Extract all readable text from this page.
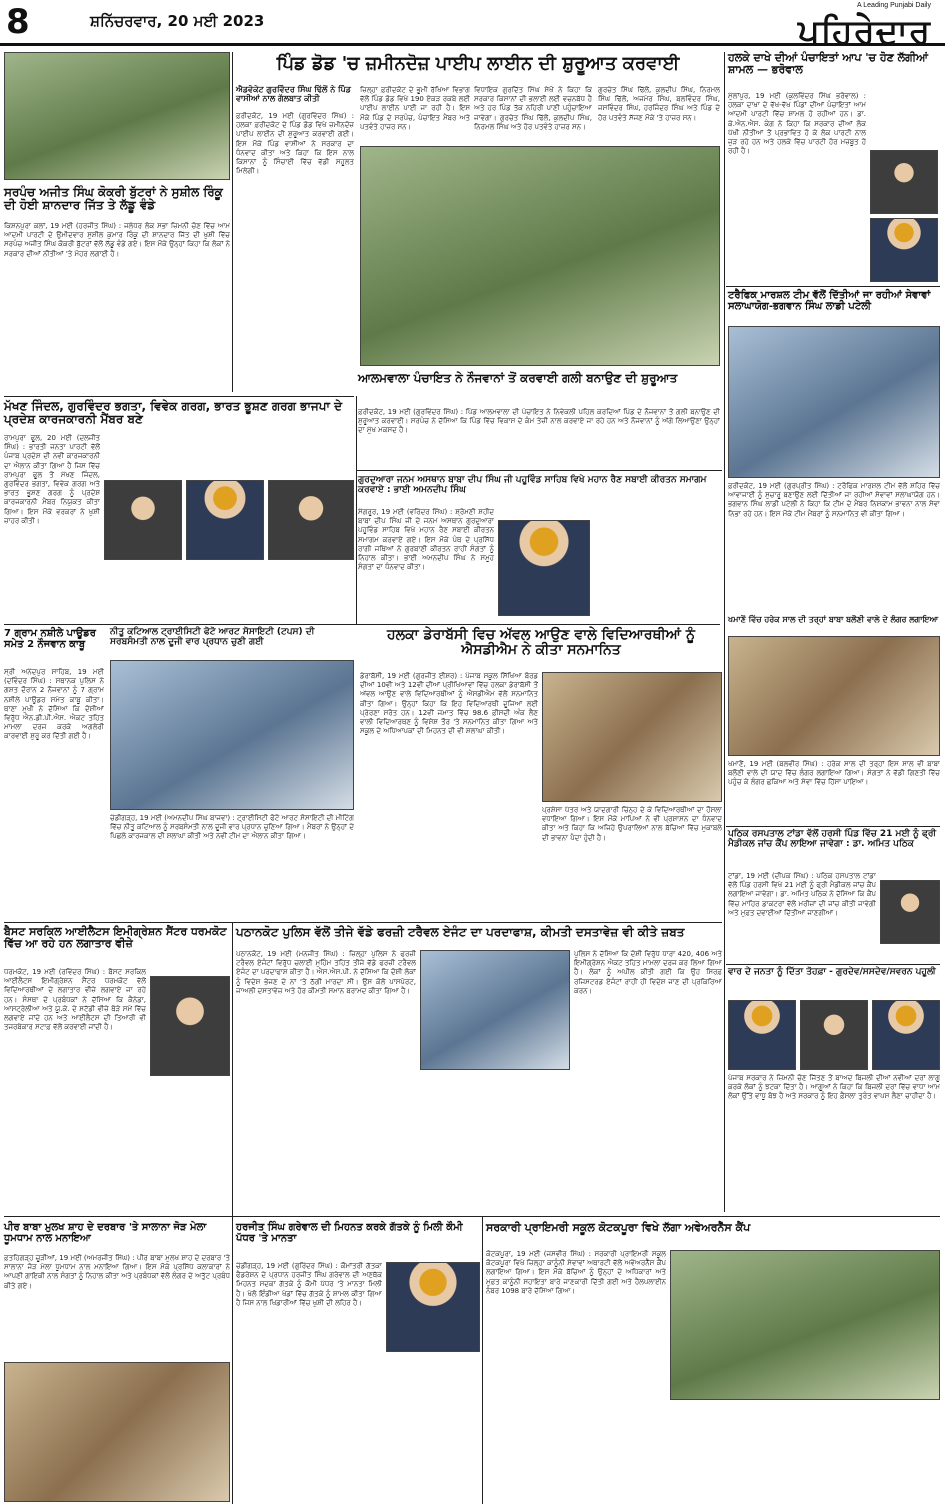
8	ਸ਼ਨਿੱਚਰਵਾਰ, 20 ਮਈ 2023
A Leading Punjabi Daily
ਪਹਿਰੇਦਾਰ
ਸਰਪੰਚ ਅਜੀਤ ਸਿੰਘ ਕੋਕਰੀ ਬੁੱਟਰਾਂ ਨੇ ਸੁਸ਼ੀਲ ਰਿੰਕੂ ਦੀ ਹੋਈ ਸ਼ਾਨਦਾਰ ਜਿੱਤ ਤੇ ਲੱਡੂ ਵੰਡੇ
ਕਿਸ਼ਨਪੁਰਾ ਕਲਾਂ, 19 ਮਈ (ਹਰਜੀਤ ਸਿੰਘ) : ਜਲੰਧਰ ਲੋਕ ਸਭਾ ਜ਼ਿਮਨੀ ਚੋਣ ਵਿੱਚ ਆਮ ਆਦਮੀ ਪਾਰਟੀ ਦੇ ਉਮੀਦਵਾਰ ਸੁਸ਼ੀਲ ਕੁਮਾਰ ਰਿੰਕੂ ਦੀ ਸ਼ਾਨਦਾਰ ਜਿੱਤ ਦੀ ਖੁਸ਼ੀ ਵਿੱਚ ਸਰਪੰਚ ਅਜੀਤ ਸਿੰਘ ਕੋਕਰੀ ਬੁੱਟਰਾਂ ਵੱਲੋਂ ਲੱਡੂ ਵੰਡੇ ਗਏ। ਇਸ ਮੌਕੇ ਉਨ੍ਹਾਂ ਕਿਹਾ ਕਿ ਲੋਕਾਂ ਨੇ ਸਰਕਾਰ ਦੀਆਂ ਨੀਤੀਆਂ 'ਤੇ ਮੋਹਰ ਲਗਾਈ ਹੈ।
ਪਿੰਡ ਡੋਡ 'ਚ ਜ਼ਮੀਨਦੋਜ਼ ਪਾਈਪ ਲਾਈਨ ਦੀ ਸ਼ੁਰੂਆਤ ਕਰਵਾਈ
ਐਡਵੋਕੇਟ ਗੁਰਵਿੰਦਰ ਸਿੰਘ ਢਿੱਲੋਂ ਨੇ ਪਿੰਡ ਵਾਸੀਆਂ ਨਾਲ ਗੱਲਬਾਤ ਕੀਤੀ
ਫ਼ਰੀਦਕੋਟ, 19 ਮਈ (ਗੁਰਵਿੰਦਰ ਸਿੰਘ) : ਹਲਕਾ ਫ਼ਰੀਦਕੋਟ ਦੇ ਪਿੰਡ ਡੋਡ ਵਿਖੇ ਜ਼ਮੀਨਦੋਜ਼ ਪਾਈਪ ਲਾਈਨ ਦੀ ਸ਼ੁਰੂਆਤ ਕਰਵਾਈ ਗਈ। ਇਸ ਮੌਕੇ ਪਿੰਡ ਵਾਸੀਆਂ ਨੇ ਸਰਕਾਰ ਦਾ ਧੰਨਵਾਦ ਕੀਤਾ ਅਤੇ ਕਿਹਾ ਕਿ ਇਸ ਨਾਲ ਕਿਸਾਨਾਂ ਨੂੰ ਸਿੰਚਾਈ ਵਿੱਚ ਵੱਡੀ ਸਹੂਲਤ ਮਿਲੇਗੀ।
ਜ਼ਿਲ੍ਹਾ ਫ਼ਰੀਦਕੋਟ ਦੇ ਭੂਮੀ ਰੱਖਿਆ ਵਿਭਾਗ ਵੱਲੋਂ ਪਿੰਡ ਡੋਡ ਵਿਖੇ 190 ਏਕੜ ਰਕਬੇ ਲਈ ਪਾਈਪ ਲਾਈਨ ਪਾਈ ਜਾ ਰਹੀ ਹੈ। ਇਸ ਮੌਕੇ ਪਿੰਡ ਦੇ ਸਰਪੰਚ, ਪੰਚਾਇਤ ਮੈਂਬਰ ਅਤੇ ਪਤਵੰਤੇ ਹਾਜ਼ਰ ਸਨ।
ਵਿਧਾਇਕ ਗੁਰਦਿੱਤ ਸਿੰਘ ਸੇਖੋਂ ਨੇ ਕਿਹਾ ਕਿ ਸਰਕਾਰ ਕਿਸਾਨਾਂ ਦੀ ਭਲਾਈ ਲਈ ਵਚਨਬੱਧ ਹੈ ਅਤੇ ਹਰ ਪਿੰਡ ਤੱਕ ਨਹਿਰੀ ਪਾਣੀ ਪਹੁੰਚਾਇਆ ਜਾਵੇਗਾ। ਗੁਰਚੇਤ ਸਿੰਘ ਢਿੱਲੋਂ, ਕੁਲਦੀਪ ਸਿੰਘ, ਨਿਰਮਲ ਸਿੰਘ ਅਤੇ ਹੋਰ ਪਤਵੰਤੇ ਹਾਜ਼ਰ ਸਨ।
ਗੁਰਚੇਤ ਸਿੰਘ ਢਿੱਲੋਂ, ਕੁਲਦੀਪ ਸਿੰਘ, ਨਿਰਮਲ ਸਿੰਘ ਢਿੱਲੋਂ, ਅਜਮੇਰ ਸਿੰਘ, ਬਲਵਿੰਦਰ ਸਿੰਘ, ਜਸਵਿੰਦਰ ਸਿੰਘ, ਹਰਜਿੰਦਰ ਸਿੰਘ ਅਤੇ ਪਿੰਡ ਦੇ ਹੋਰ ਪਤਵੰਤੇ ਸੱਜਣ ਮੌਕੇ 'ਤੇ ਹਾਜ਼ਰ ਸਨ।
ਹਲਕੇ ਦਾਖੇ ਦੀਆਂ ਪੰਚਾਇਤਾਂ ਆਪ 'ਚ ਹੋਣ ਲੱਗੀਆਂ ਸ਼ਾਮਲ — ਭਰੋਵਾਲ
ਮੁੱਲਾਂਪੁਰ, 19 ਮਈ (ਕੁਲਵਿੰਦਰ ਸਿੰਘ ਭਰੋਵਾਲ) : ਹਲਕਾ ਦਾਖਾ ਦੇ ਵੱਖ-ਵੱਖ ਪਿੰਡਾਂ ਦੀਆਂ ਪੰਚਾਇਤਾਂ ਆਮ ਆਦਮੀ ਪਾਰਟੀ ਵਿੱਚ ਸ਼ਾਮਲ ਹੋ ਰਹੀਆਂ ਹਨ। ਡਾ. ਕੇ.ਐਨ.ਐਸ. ਕੰਗ ਨੇ ਕਿਹਾ ਕਿ ਸਰਕਾਰ ਦੀਆਂ ਲੋਕ ਪੱਖੀ ਨੀਤੀਆਂ ਤੋਂ ਪ੍ਰਭਾਵਿਤ ਹੋ ਕੇ ਲੋਕ ਪਾਰਟੀ ਨਾਲ ਜੁੜ ਰਹੇ ਹਨ ਅਤੇ ਹਲਕੇ ਵਿੱਚ ਪਾਰਟੀ ਹੋਰ ਮਜ਼ਬੂਤ ਹੋ ਰਹੀ ਹੈ।
ਟਰੈਫਿਕ ਮਾਰਸ਼ਲ ਟੀਮ ਵੱਲੋਂ ਦਿੱਤੀਆਂ ਜਾ ਰਹੀਆਂ ਸੇਵਾਵਾਂ ਸਲਾਘਾਯੋਗ-ਭਗਵਾਨ ਸਿੰਘ ਲਾਡੀ ਪਟੇਲੀ
ਫ਼ਰੀਦਕੋਟ, 19 ਮਈ (ਗੁਰਪ੍ਰੀਤ ਸਿੰਘ) : ਟਰੈਫਿਕ ਮਾਰਸ਼ਲ ਟੀਮ ਵੱਲੋਂ ਸ਼ਹਿਰ ਵਿੱਚ ਆਵਾਜਾਈ ਨੂੰ ਸੁਚਾਰੂ ਬਣਾਉਣ ਲਈ ਦਿੱਤੀਆਂ ਜਾ ਰਹੀਆਂ ਸੇਵਾਵਾਂ ਸਲਾਘਾਯੋਗ ਹਨ। ਭਗਵਾਨ ਸਿੰਘ ਲਾਡੀ ਪਟੇਲੀ ਨੇ ਕਿਹਾ ਕਿ ਟੀਮ ਦੇ ਮੈਂਬਰ ਨਿਸ਼ਕਾਮ ਭਾਵਨਾ ਨਾਲ ਸੇਵਾ ਨਿਭਾ ਰਹੇ ਹਨ। ਇਸ ਮੌਕੇ ਟੀਮ ਮੈਂਬਰਾਂ ਨੂੰ ਸਨਮਾਨਿਤ ਵੀ ਕੀਤਾ ਗਿਆ।
ਖਮਾਣੋਂ ਵਿੱਚ ਹਰੇਕ ਸਾਲ ਦੀ ਤਰ੍ਹਾਂ ਬਾਬਾ ਬਲੌਣੀ ਵਾਲੇ ਦੇ ਲੰਗਰ ਲਗਾਇਆ
ਖਮਾਣੋਂ, 19 ਮਈ (ਬਲਵੀਰ ਸਿੰਘ) : ਹਰੇਕ ਸਾਲ ਦੀ ਤਰ੍ਹਾਂ ਇਸ ਸਾਲ ਵੀ ਬਾਬਾ ਬਲੌਣੀ ਵਾਲੇ ਦੀ ਯਾਦ ਵਿੱਚ ਲੰਗਰ ਲਗਾਇਆ ਗਿਆ। ਸੰਗਤਾਂ ਨੇ ਵੱਡੀ ਗਿਣਤੀ ਵਿੱਚ ਪਹੁੰਚ ਕੇ ਲੰਗਰ ਛਕਿਆ ਅਤੇ ਸੇਵਾ ਵਿੱਚ ਹਿੱਸਾ ਪਾਇਆ।
ਪਠਿਕ ਰਸਪਤਾਲ ਟਾਂਡਾ ਵੱਲੋਂ ਹਰਸੀ ਪਿੰਡ ਵਿੱਚ 21 ਮਈ ਨੂੰ ਫ੍ਰੀ ਮੈਡੀਕਲ ਜਾਂਚ ਕੈਂਪ ਲਾਇਆ ਜਾਵੇਗਾ : ਡਾ. ਅਮਿਤ ਪਠਿਕ
ਟਾਂਡਾ, 19 ਮਈ (ਦੀਪਕ ਸਿੰਘ) : ਪਠਿਕ ਹਸਪਤਾਲ ਟਾਂਡਾ ਵੱਲੋਂ ਪਿੰਡ ਹਰਸੀ ਵਿਖੇ 21 ਮਈ ਨੂੰ ਫ੍ਰੀ ਮੈਡੀਕਲ ਜਾਂਚ ਕੈਂਪ ਲਗਾਇਆ ਜਾਵੇਗਾ। ਡਾ. ਅਮਿਤ ਪਠਿਕ ਨੇ ਦੱਸਿਆ ਕਿ ਕੈਂਪ ਵਿੱਚ ਮਾਹਿਰ ਡਾਕਟਰਾਂ ਵੱਲੋਂ ਮਰੀਜ਼ਾਂ ਦੀ ਜਾਂਚ ਕੀਤੀ ਜਾਵੇਗੀ ਅਤੇ ਮੁਫ਼ਤ ਦਵਾਈਆਂ ਦਿੱਤੀਆਂ ਜਾਣਗੀਆਂ।
ਮੱਖਣ ਜਿੰਦਲ, ਗੁਰਵਿੰਦਰ ਭਗਤਾ, ਵਿਵੇਕ ਗਰਗ, ਭਾਰਤ ਭੂਸ਼ਣ ਗਰਗ ਭਾਜਪਾ ਦੇ ਪ੍ਰਦੇਸ਼ ਕਾਰਜਕਾਰਨੀ ਮੈਂਬਰ ਬਣੇ
ਰਾਮਪੁਰਾ ਫੂਲ, 20 ਮਈ (ਦਲਜੀਤ ਸਿੰਘ) : ਭਾਰਤੀ ਜਨਤਾ ਪਾਰਟੀ ਵੱਲੋਂ ਪੰਜਾਬ ਪ੍ਰਦੇਸ਼ ਦੀ ਨਵੀਂ ਕਾਰਜਕਾਰਨੀ ਦਾ ਐਲਾਨ ਕੀਤਾ ਗਿਆ ਹੈ ਜਿਸ ਵਿੱਚ ਰਾਮਪੁਰਾ ਫੂਲ ਤੋਂ ਮੱਖਣ ਜਿੰਦਲ, ਗੁਰਵਿੰਦਰ ਭਗਤਾ, ਵਿਵੇਕ ਗਰਗ ਅਤੇ ਭਾਰਤ ਭੂਸ਼ਣ ਗਰਗ ਨੂੰ ਪ੍ਰਦੇਸ਼ ਕਾਰਜਕਾਰਨੀ ਮੈਂਬਰ ਨਿਯੁਕਤ ਕੀਤਾ ਗਿਆ। ਇਸ ਮੌਕੇ ਵਰਕਰਾਂ ਨੇ ਖੁਸ਼ੀ ਜ਼ਾਹਰ ਕੀਤੀ।
ਆਲਮਵਾਲਾ ਪੰਚਾਇਤ ਨੇ ਨੌਜਵਾਨਾਂ ਤੋਂ ਕਰਵਾਈ ਗਲੀ ਬਨਾਉਣ ਦੀ ਸ਼ੁਰੂਆਤ
ਫ਼ਰੀਦਕੋਟ, 19 ਮਈ (ਗੁਰਵਿੰਦਰ ਸਿੰਘ) : ਪਿੰਡ ਆਲਮਵਾਲਾ ਦੀ ਪੰਚਾਇਤ ਨੇ ਨਿਵੇਕਲੀ ਪਹਿਲ ਕਰਦਿਆਂ ਪਿੰਡ ਦੇ ਨੌਜਵਾਨਾਂ ਤੋਂ ਗਲੀ ਬਨਾਉਣ ਦੀ ਸ਼ੁਰੂਆਤ ਕਰਵਾਈ। ਸਰਪੰਚ ਨੇ ਦੱਸਿਆ ਕਿ ਪਿੰਡ ਵਿੱਚ ਵਿਕਾਸ ਦੇ ਕੰਮ ਤੇਜ਼ੀ ਨਾਲ ਕਰਵਾਏ ਜਾ ਰਹੇ ਹਨ ਅਤੇ ਨੌਜਵਾਨਾਂ ਨੂੰ ਅੱਗੇ ਲਿਆਉਣਾ ਉਨ੍ਹਾਂ ਦਾ ਮੁੱਖ ਮਕਸਦ ਹੈ।
ਗੁਰਦੁਆਰਾ ਜਨਮ ਅਸਥਾਨ ਬਾਬਾ ਦੀਪ ਸਿੰਘ ਜੀ ਪਹੂਵਿੰਡ ਸਾਹਿਬ ਵਿਖੇ ਮਹਾਨ ਰੈਣ ਸਬਾਈ ਕੀਰਤਨ ਸਮਾਗਮ ਕਰਵਾਏ : ਭਾਈ ਅਮਨਦੀਪ ਸਿੰਘ
ਸੰਗਰੂਰ, 19 ਮਈ (ਵਰਿੰਦਰ ਸਿੰਘ) : ਸ਼੍ਰੋਮਣੀ ਸ਼ਹੀਦ ਬਾਬਾ ਦੀਪ ਸਿੰਘ ਜੀ ਦੇ ਜਨਮ ਅਸਥਾਨ ਗੁਰਦੁਆਰਾ ਪਹੂਵਿੰਡ ਸਾਹਿਬ ਵਿਖੇ ਮਹਾਨ ਰੈਣ ਸਬਾਈ ਕੀਰਤਨ ਸਮਾਗਮ ਕਰਵਾਏ ਗਏ। ਇਸ ਮੌਕੇ ਪੰਥ ਦੇ ਪ੍ਰਸਿੱਧ ਰਾਗੀ ਜਥਿਆਂ ਨੇ ਗੁਰਬਾਣੀ ਕੀਰਤਨ ਰਾਹੀਂ ਸੰਗਤਾਂ ਨੂੰ ਨਿਹਾਲ ਕੀਤਾ। ਭਾਈ ਅਮਨਦੀਪ ਸਿੰਘ ਨੇ ਸਮੂਹ ਸੰਗਤਾਂ ਦਾ ਧੰਨਵਾਦ ਕੀਤਾ।
7 ਗ੍ਰਾਮ ਨਸ਼ੀਲੇ ਪਾਊਡਰ ਸਮੇਤ 2 ਨੌਜਵਾਨ ਕਾਬੂ
ਸ੍ਰੀ ਅਨੰਦਪੁਰ ਸਾਹਿਬ, 19 ਮਈ (ਦਵਿੰਦਰ ਸਿੰਘ) : ਸਥਾਨਕ ਪੁਲਿਸ ਨੇ ਗਸ਼ਤ ਦੌਰਾਨ 2 ਨੌਜਵਾਨਾਂ ਨੂੰ 7 ਗ੍ਰਾਮ ਨਸ਼ੀਲੇ ਪਾਊਡਰ ਸਮੇਤ ਕਾਬੂ ਕੀਤਾ। ਥਾਣਾ ਮੁਖੀ ਨੇ ਦੱਸਿਆ ਕਿ ਦੋਸ਼ੀਆਂ ਵਿਰੁੱਧ ਐਨ.ਡੀ.ਪੀ.ਐਸ. ਐਕਟ ਤਹਿਤ ਮਾਮਲਾ ਦਰਜ ਕਰਕੇ ਅਗਲੇਰੀ ਕਾਰਵਾਈ ਸ਼ੁਰੂ ਕਰ ਦਿੱਤੀ ਗਈ ਹੈ।
ਨੀਤੂ ਕਟਿਆਲ ਟ੍ਰਾਈਸਿਟੀ ਫੋਟੋ ਆਰਟ ਸੋਸਾਇਟੀ (ਟਪਸ) ਦੀ ਸਰਬਸੰਮਤੀ ਨਾਲ ਦੂਜੀ ਵਾਰ ਪ੍ਰਧਾਨ ਚੁਣੀ ਗਈ
ਚੰਡੀਗੜ੍ਹ, 19 ਮਈ (ਅਮਨਦੀਪ ਸਿੰਘ ਬਾਜਵਾ) : ਟ੍ਰਾਈਸਿਟੀ ਫੋਟੋ ਆਰਟ ਸੋਸਾਇਟੀ ਦੀ ਮੀਟਿੰਗ ਵਿੱਚ ਨੀਤੂ ਕਟਿਆਲ ਨੂੰ ਸਰਬਸੰਮਤੀ ਨਾਲ ਦੂਜੀ ਵਾਰ ਪ੍ਰਧਾਨ ਚੁਣਿਆ ਗਿਆ। ਮੈਂਬਰਾਂ ਨੇ ਉਨ੍ਹਾਂ ਦੇ ਪਿਛਲੇ ਕਾਰਜਕਾਲ ਦੀ ਸ਼ਲਾਘਾ ਕੀਤੀ ਅਤੇ ਨਵੀਂ ਟੀਮ ਦਾ ਐਲਾਨ ਕੀਤਾ ਗਿਆ।
ਹਲਕਾ ਡੇਰਾਬੱਸੀ ਵਿਚ ਅੱਵਲ ਆਉਣ ਵਾਲੇ ਵਿਦਿਆਰਥੀਆਂ ਨੂੰ ਐਸਡੀਐਮ ਨੇ ਕੀਤਾ ਸਨਮਾਨਿਤ
ਡੇਰਾਬੱਸੀ, 19 ਮਈ (ਗੁਰਜੀਤ ਈਸ਼ਰ) : ਪੰਜਾਬ ਸਕੂਲ ਸਿੱਖਿਆ ਬੋਰਡ ਦੀਆਂ 10ਵੀਂ ਅਤੇ 12ਵੀਂ ਦੀਆਂ ਪ੍ਰੀਖਿਆਵਾਂ ਵਿੱਚ ਹਲਕਾ ਡੇਰਾਬੱਸੀ ਤੋਂ ਅੱਵਲ ਆਉਣ ਵਾਲੇ ਵਿਦਿਆਰਥੀਆਂ ਨੂੰ ਐਸਡੀਐਮ ਵੱਲੋਂ ਸਨਮਾਨਿਤ ਕੀਤਾ ਗਿਆ। ਉਨ੍ਹਾਂ ਕਿਹਾ ਕਿ ਇਹ ਵਿਦਿਆਰਥੀ ਦੂਜਿਆਂ ਲਈ ਪ੍ਰੇਰਣਾ ਸਰੋਤ ਹਨ। 12ਵੀਂ ਜਮਾਤ ਵਿੱਚ 98.6 ਫ਼ੀਸਦੀ ਅੰਕ ਲੈਣ ਵਾਲੀ ਵਿਦਿਆਰਥਣ ਨੂੰ ਵਿਸ਼ੇਸ਼ ਤੌਰ 'ਤੇ ਸਨਮਾਨਿਤ ਕੀਤਾ ਗਿਆ ਅਤੇ ਸਕੂਲ ਦੇ ਅਧਿਆਪਕਾਂ ਦੀ ਮਿਹਨਤ ਦੀ ਵੀ ਸ਼ਲਾਘਾ ਕੀਤੀ।
ਪ੍ਰਸ਼ੰਸਾ ਪੱਤਰ ਅਤੇ ਯਾਦਗਾਰੀ ਚਿੰਨ੍ਹ ਦੇ ਕੇ ਵਿਦਿਆਰਥੀਆਂ ਦਾ ਹੌਸਲਾ ਵਧਾਇਆ ਗਿਆ। ਇਸ ਮੌਕੇ ਮਾਪਿਆਂ ਨੇ ਵੀ ਪ੍ਰਸ਼ਾਸਨ ਦਾ ਧੰਨਵਾਦ ਕੀਤਾ ਅਤੇ ਕਿਹਾ ਕਿ ਅਜਿਹੇ ਉਪਰਾਲਿਆਂ ਨਾਲ ਬੱਚਿਆਂ ਵਿੱਚ ਮੁਕਾਬਲੇ ਦੀ ਭਾਵਨਾ ਪੈਦਾ ਹੁੰਦੀ ਹੈ।
ਬੈਸਟ ਸਰਕਿਲ ਆਈਲੈਟਸ ਇਮੀਗ੍ਰੇਸ਼ਨ ਸੈਂਟਰ ਧਰਮਕੋਟ ਵਿੱਚ ਆ ਰਹੇ ਹਨ ਲਗਾਤਾਰ ਵੀਜ਼ੇ
ਧਰਮਕੋਟ, 19 ਮਈ (ਰਵਿੰਦਰ ਸਿੰਘ) : ਬੈਸਟ ਸਰਕਿਲ ਆਈਲੈਟਸ ਇਮੀਗ੍ਰੇਸ਼ਨ ਸੈਂਟਰ ਧਰਮਕੋਟ ਵੱਲੋਂ ਵਿਦਿਆਰਥੀਆਂ ਦੇ ਲਗਾਤਾਰ ਵੀਜ਼ੇ ਲਗਵਾਏ ਜਾ ਰਹੇ ਹਨ। ਸੰਸਥਾ ਦੇ ਪ੍ਰਬੰਧਕਾਂ ਨੇ ਦੱਸਿਆ ਕਿ ਕੈਨੇਡਾ, ਆਸਟ੍ਰੇਲੀਆ ਅਤੇ ਯੂ.ਕੇ. ਦੇ ਸਟੱਡੀ ਵੀਜ਼ੇ ਥੋੜੇ ਸਮੇਂ ਵਿੱਚ ਲਗਵਾਏ ਜਾਂਦੇ ਹਨ ਅਤੇ ਆਈਲੈਟਸ ਦੀ ਤਿਆਰੀ ਵੀ ਤਜਰਬੇਕਾਰ ਸਟਾਫ਼ ਵੱਲੋਂ ਕਰਵਾਈ ਜਾਂਦੀ ਹੈ।
ਪਠਾਨਕੋਟ ਪੁਲਿਸ ਵੱਲੋਂ ਤੀਜੇ ਵੱਡੇ ਫਰਜ਼ੀ ਟਰੈਵਲ ਏਜੰਟ ਦਾ ਪਰਦਾਫਾਸ਼, ਕੀਮਤੀ ਦਸਤਾਵੇਜ਼ ਵੀ ਕੀਤੇ ਜ਼ਬਤ
ਪਠਾਨਕੋਟ, 19 ਮਈ (ਮਨਜੀਤ ਸਿੰਘ) : ਜ਼ਿਲ੍ਹਾ ਪੁਲਿਸ ਨੇ ਫਰਜ਼ੀ ਟਰੈਵਲ ਏਜੰਟਾਂ ਵਿਰੁੱਧ ਚਲਾਈ ਮੁਹਿੰਮ ਤਹਿਤ ਤੀਜੇ ਵੱਡੇ ਫਰਜ਼ੀ ਟਰੈਵਲ ਏਜੰਟ ਦਾ ਪਰਦਾਫਾਸ਼ ਕੀਤਾ ਹੈ। ਐਸ.ਐਸ.ਪੀ. ਨੇ ਦੱਸਿਆ ਕਿ ਦੋਸ਼ੀ ਲੋਕਾਂ ਨੂੰ ਵਿਦੇਸ਼ ਭੇਜਣ ਦੇ ਨਾਂ 'ਤੇ ਠੱਗੀ ਮਾਰਦਾ ਸੀ। ਉਸ ਕੋਲੋਂ ਪਾਸਪੋਰਟ, ਜਾਅਲੀ ਦਸਤਾਵੇਜ਼ ਅਤੇ ਹੋਰ ਕੀਮਤੀ ਸਮਾਨ ਬਰਾਮਦ ਕੀਤਾ ਗਿਆ ਹੈ।
ਪੁਲਿਸ ਨੇ ਦੱਸਿਆ ਕਿ ਦੋਸ਼ੀ ਵਿਰੁੱਧ ਧਾਰਾ 420, 406 ਅਤੇ ਇਮੀਗ੍ਰੇਸ਼ਨ ਐਕਟ ਤਹਿਤ ਮਾਮਲਾ ਦਰਜ ਕਰ ਲਿਆ ਗਿਆ ਹੈ। ਲੋਕਾਂ ਨੂੰ ਅਪੀਲ ਕੀਤੀ ਗਈ ਕਿ ਉਹ ਸਿਰਫ਼ ਰਜਿਸਟਰਡ ਏਜੰਟਾਂ ਰਾਹੀਂ ਹੀ ਵਿਦੇਸ਼ ਜਾਣ ਦੀ ਪ੍ਰਕਿਰਿਆ ਕਰਨ।
ਵਾਰ ਦੇ ਜਨਤਾ ਨੂੰ ਦਿੱਤਾ ਤੋਹਫ਼ਾ - ਗੁਰਦੇਵ/ਸਸਦੇਵ/ਸਵਰਨ ਪਹੂਲੀ
ਪੰਜਾਬ ਸਰਕਾਰ ਨੇ ਜ਼ਿਮਨੀ ਚੋਣ ਜਿੱਤਣ ਤੋਂ ਬਾਅਦ ਬਿਜਲੀ ਦੀਆਂ ਨਵੀਆਂ ਦਰਾਂ ਲਾਗੂ ਕਰਕੇ ਲੋਕਾਂ ਨੂੰ ਝਟਕਾ ਦਿੱਤਾ ਹੈ। ਆਗੂਆਂ ਨੇ ਕਿਹਾ ਕਿ ਬਿਜਲੀ ਦਰਾਂ ਵਿੱਚ ਵਾਧਾ ਆਮ ਲੋਕਾਂ ਉੱਤੇ ਵਾਧੂ ਬੋਝ ਹੈ ਅਤੇ ਸਰਕਾਰ ਨੂੰ ਇਹ ਫ਼ੈਸਲਾ ਤੁਰੰਤ ਵਾਪਸ ਲੈਣਾ ਚਾਹੀਦਾ ਹੈ।
ਪੀਰ ਬਾਬਾ ਮੁਲਖ ਸ਼ਾਹ ਦੇ ਦਰਬਾਰ 'ਤੇ ਸਾਲਾਨਾ ਜੋੜ ਮੇਲਾ ਧੂਮਧਾਮ ਨਾਲ ਮਨਾਇਆ
ਫ਼ਤਹਿਗੜ੍ਹ ਚੂੜੀਆਂ, 19 ਮਈ (ਅਮਰਜੀਤ ਸਿੰਘ) : ਪੀਰ ਬਾਬਾ ਮੁਲਖ ਸ਼ਾਹ ਦੇ ਦਰਬਾਰ 'ਤੇ ਸਾਲਾਨਾ ਜੋੜ ਮੇਲਾ ਧੂਮਧਾਮ ਨਾਲ ਮਨਾਇਆ ਗਿਆ। ਇਸ ਮੌਕੇ ਪ੍ਰਸਿੱਧ ਕਲਾਕਾਰਾਂ ਨੇ ਆਪਣੀ ਗਾਇਕੀ ਨਾਲ ਸੰਗਤਾਂ ਨੂੰ ਨਿਹਾਲ ਕੀਤਾ ਅਤੇ ਪ੍ਰਬੰਧਕਾਂ ਵੱਲੋਂ ਲੰਗਰ ਦੇ ਅਤੁੱਟ ਪ੍ਰਬੰਧ ਕੀਤੇ ਗਏ।
ਹਰਜੀਤ ਸਿੰਘ ਗਰੇਵਾਲ ਦੀ ਮਿਹਨਤ ਕਰਕੇ ਗੱਤਕੇ ਨੂੰ ਮਿਲੀ ਕੌਮੀ ਪੱਧਰ 'ਤੇ ਮਾਨਤਾ
ਚੰਡੀਗੜ੍ਹ, 19 ਮਈ (ਗੁਰਿੰਦਰ ਸਿੰਘ) : ਕੌਮਾਂਤਰੀ ਗੱਤਕਾ ਫੈਡਰੇਸ਼ਨ ਦੇ ਪ੍ਰਧਾਨ ਹਰਜੀਤ ਸਿੰਘ ਗਰੇਵਾਲ ਦੀ ਅਣਥੱਕ ਮਿਹਨਤ ਸਦਕਾ ਗੱਤਕੇ ਨੂੰ ਕੌਮੀ ਪੱਧਰ 'ਤੇ ਮਾਨਤਾ ਮਿਲੀ ਹੈ। ਖੇਲੋ ਇੰਡੀਆ ਖੇਡਾਂ ਵਿੱਚ ਗੱਤਕੇ ਨੂੰ ਸ਼ਾਮਲ ਕੀਤਾ ਗਿਆ ਹੈ ਜਿਸ ਨਾਲ ਖਿਡਾਰੀਆਂ ਵਿੱਚ ਖੁਸ਼ੀ ਦੀ ਲਹਿਰ ਹੈ।
ਸਰਕਾਰੀ ਪ੍ਰਾਇਮਰੀ ਸਕੂਲ ਕੋਟਕਪੂਰਾ ਵਿਖੇ ਲੱਗਾ ਅਵੇਅਰਨੈੱਸ ਕੈਂਪ
ਕੋਟਕਪੂਰਾ, 19 ਮਈ (ਜਸਵੀਰ ਸਿੰਘ) : ਸਰਕਾਰੀ ਪ੍ਰਾਇਮਰੀ ਸਕੂਲ ਕੋਟਕਪੂਰਾ ਵਿਖੇ ਜ਼ਿਲ੍ਹਾ ਕਾਨੂੰਨੀ ਸੇਵਾਵਾਂ ਅਥਾਰਟੀ ਵੱਲੋਂ ਅਵੇਅਰਨੈੱਸ ਕੈਂਪ ਲਗਾਇਆ ਗਿਆ। ਇਸ ਮੌਕੇ ਬੱਚਿਆਂ ਨੂੰ ਉਨ੍ਹਾਂ ਦੇ ਅਧਿਕਾਰਾਂ ਅਤੇ ਮੁਫ਼ਤ ਕਾਨੂੰਨੀ ਸਹਾਇਤਾ ਬਾਰੇ ਜਾਣਕਾਰੀ ਦਿੱਤੀ ਗਈ ਅਤੇ ਹੈਲਪਲਾਈਨ ਨੰਬਰ 1098 ਬਾਰੇ ਦੱਸਿਆ ਗਿਆ।
